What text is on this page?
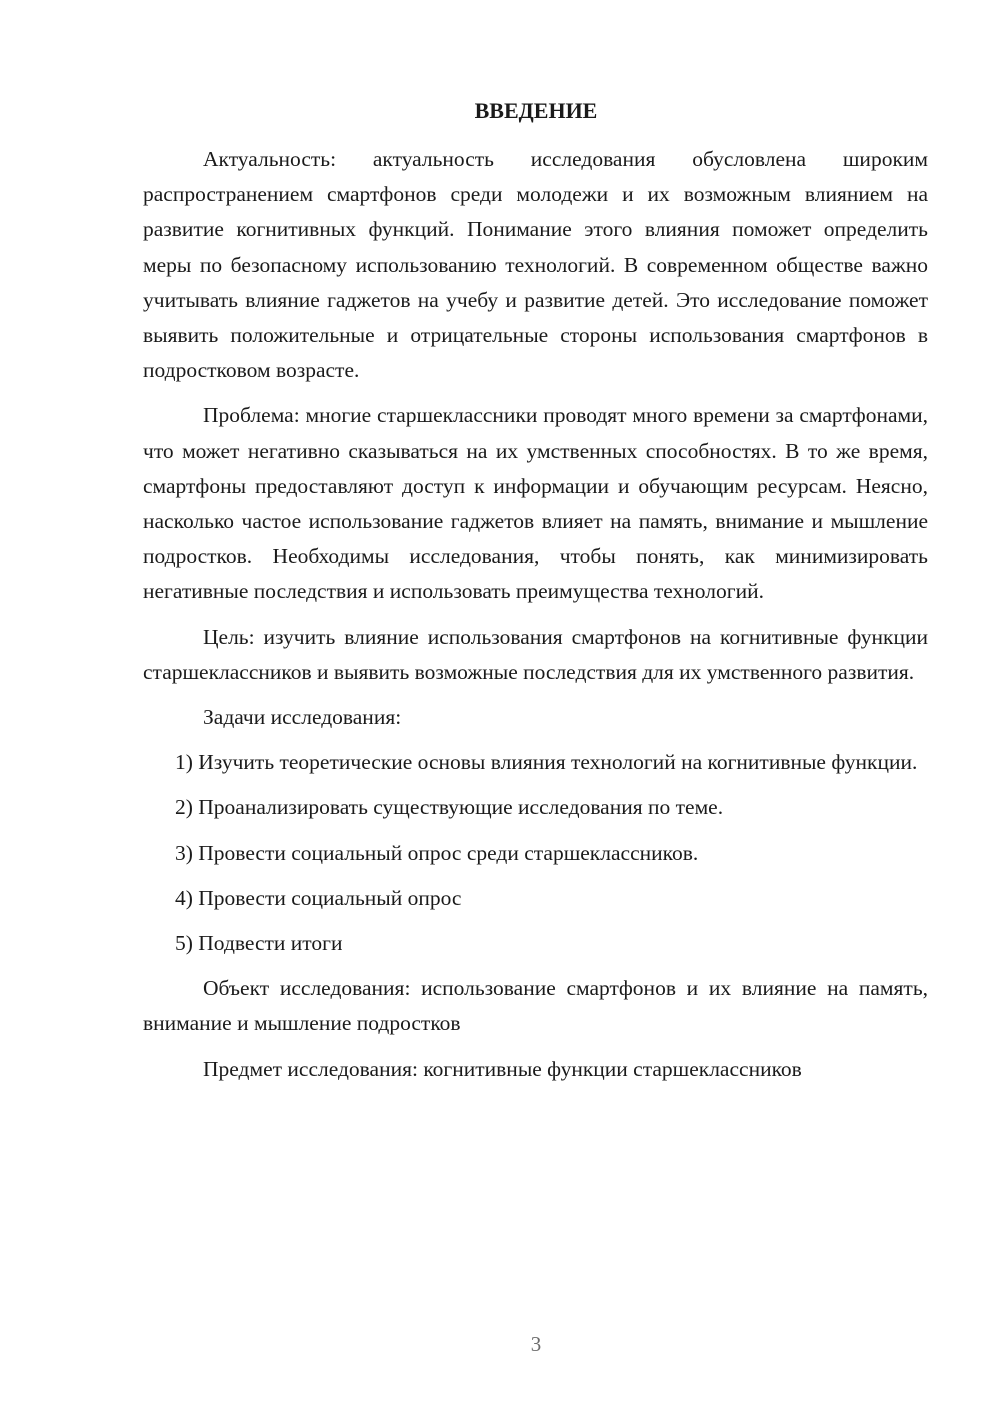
ВВЕДЕНИЕ

Актуальность: актуальность исследования обусловлена широким распространением смартфонов среди молодежи и их возможным влиянием на развитие когнитивных функций. Понимание этого влияния поможет определить меры по безопасному использованию технологий. В современном обществе важно учитывать влияние гаджетов на учебу и развитие детей. Это исследование поможет выявить положительные и отрицательные стороны использования смартфонов в подростковом возрасте.

Проблема: многие старшеклассники проводят много времени за смартфонами, что может негативно сказываться на их умственных способностях. В то же время, смартфоны предоставляют доступ к информации и обучающим ресурсам. Неясно, насколько частое использование гаджетов влияет на память, внимание и мышление подростков. Необходимы исследования, чтобы понять, как минимизировать негативные последствия и использовать преимущества технологий.

Цель: изучить влияние использования смартфонов на когнитивные функции старшеклассников и выявить возможные последствия для их умственного развития.

Задачи исследования:

1) Изучить теоретические основы влияния технологий на когнитивные функции.

2) Проанализировать существующие исследования по теме.

3) Провести социальный опрос среди старшеклассников.

4) Провести социальный опрос

5) Подвести итоги

Объект исследования: использование смартфонов и их влияние на память, внимание и мышление подростков

Предмет исследования: когнитивные функции старшеклассников

3
